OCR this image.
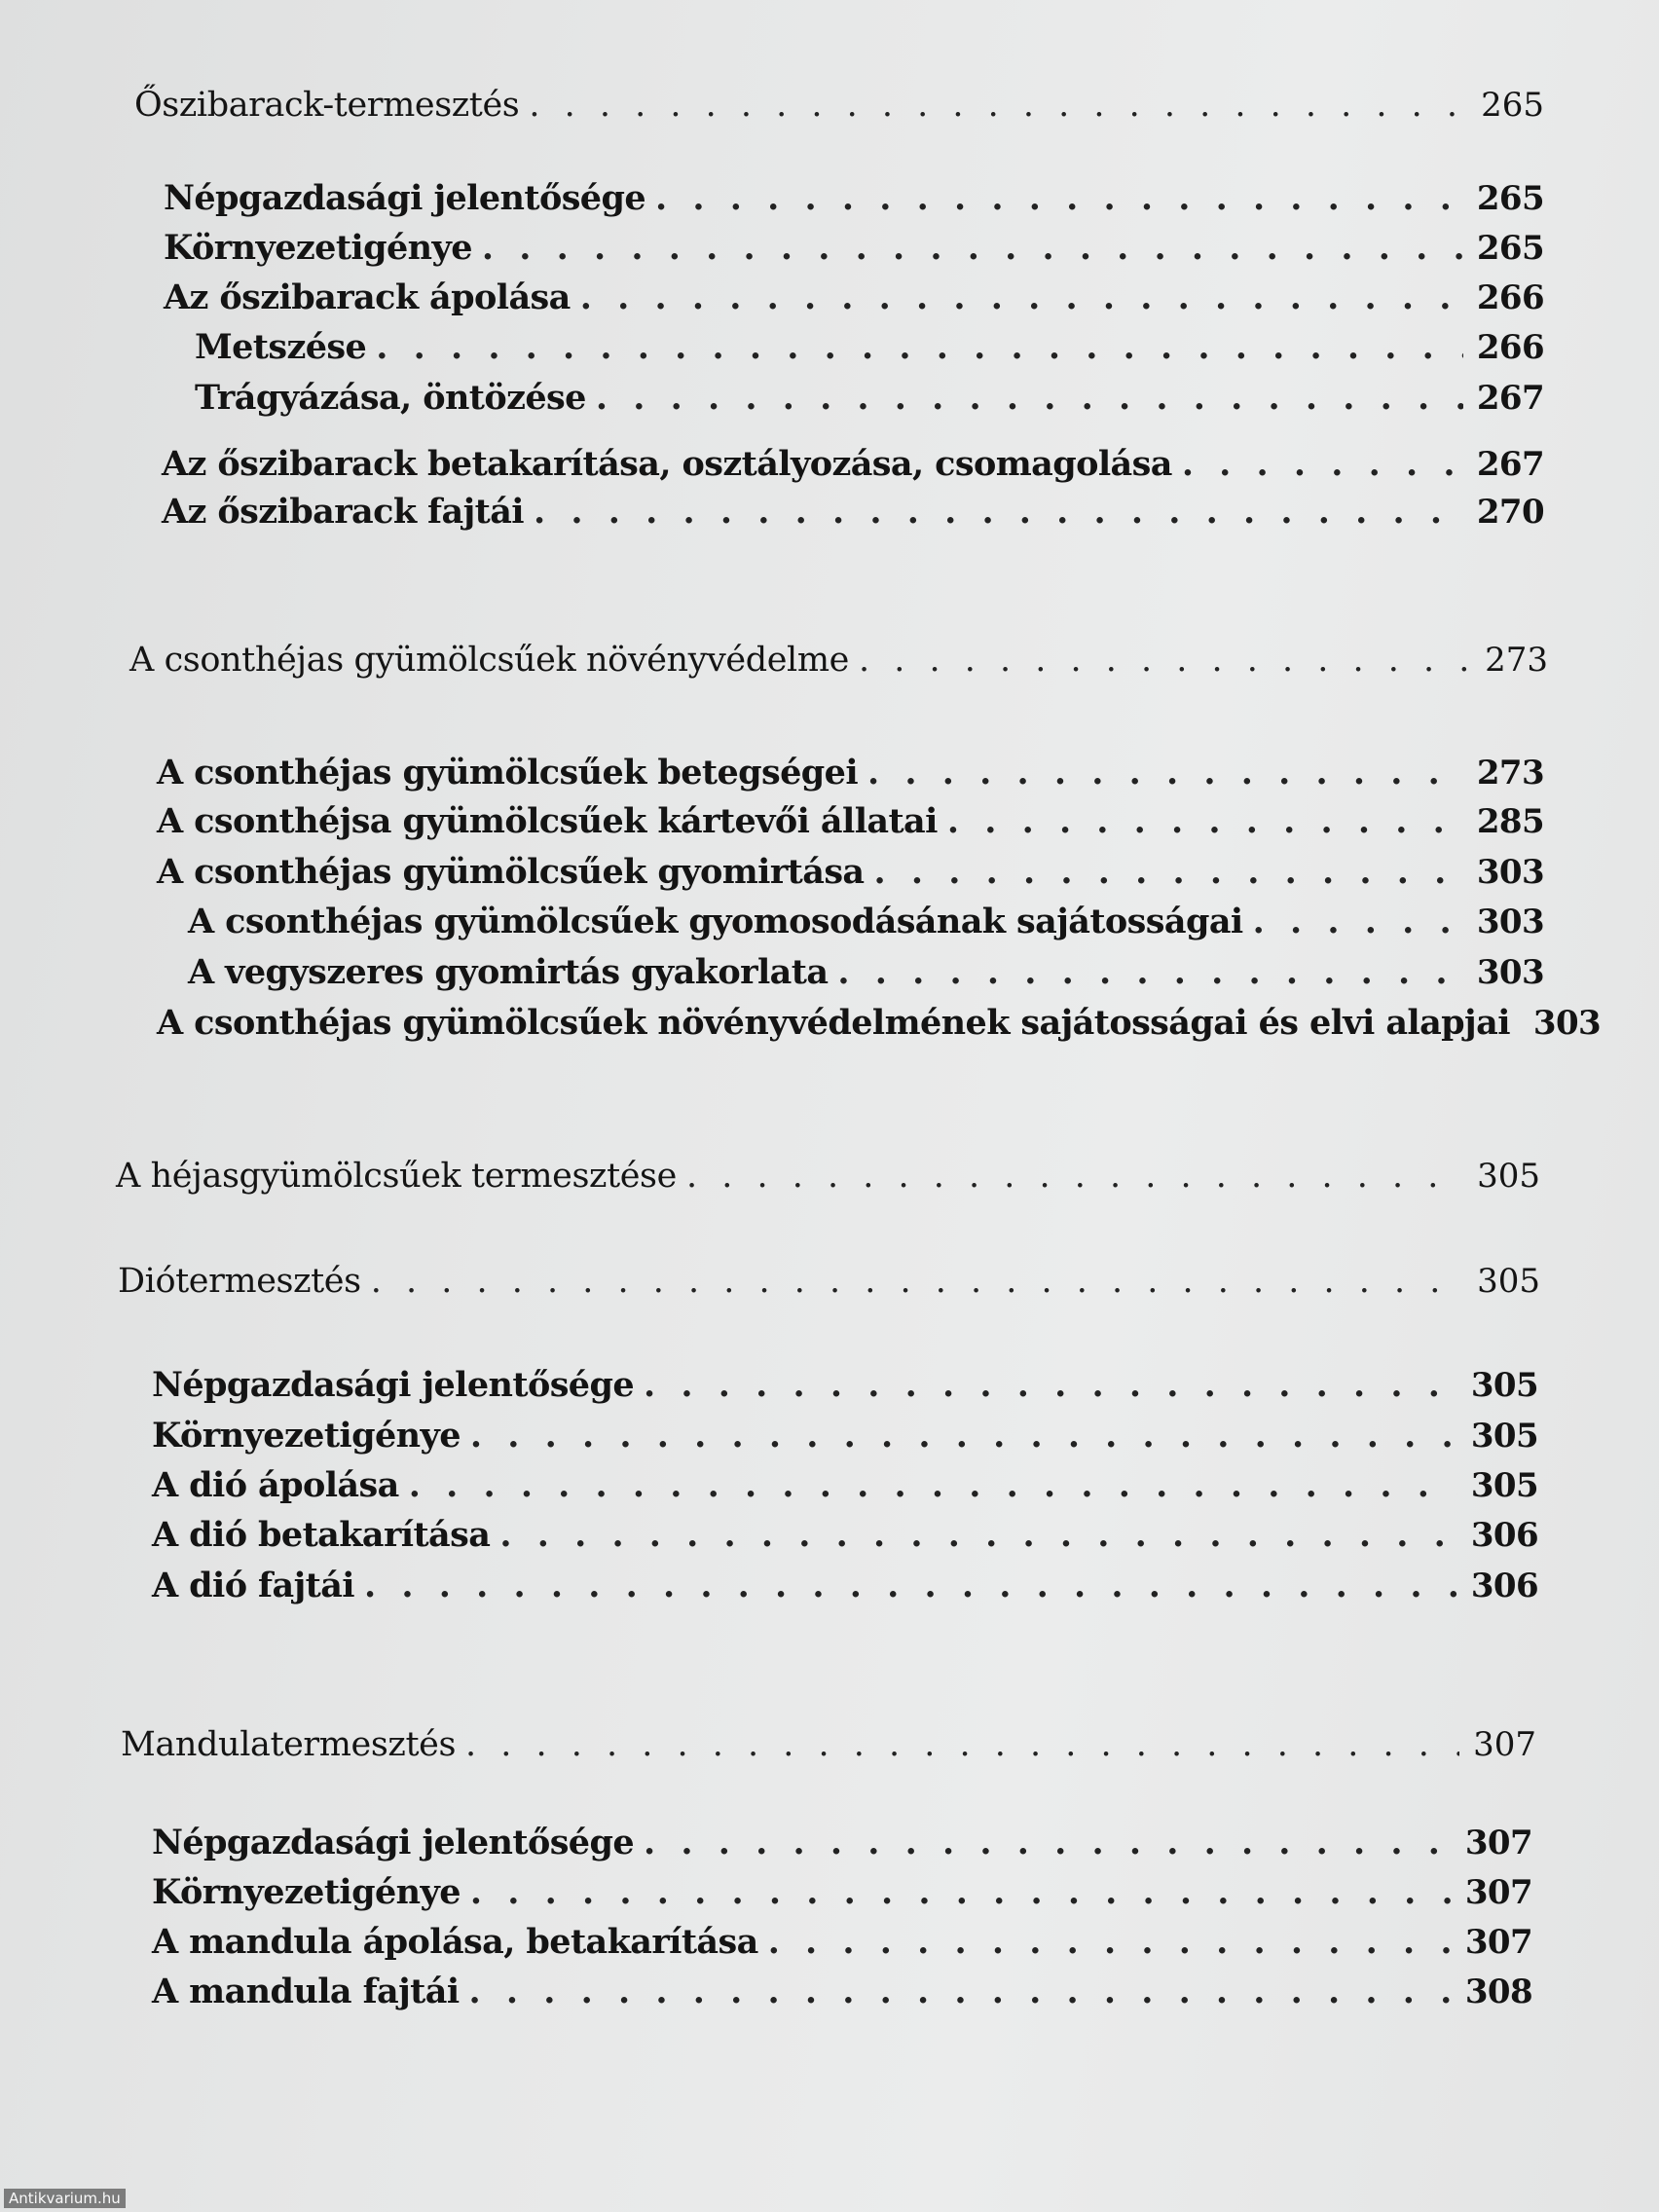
Őszibarack-termesztés . . .	265
Népgazdasági jelentősége . . .	265
Környezetigénye . . .	265
Az őszibarack ápolása . . .	266
Metszése . . .	266
Trágyázása, öntözése . . .	267
Az őszibarack betakarítása, osztályozása, csomagolása . . .	267
Az őszibarack fajtái . . .	270
A csonthéjas gyümölcsűek növényvédelme . . .	273
A csonthéjas gyümölcsűek betegségei . . .	273
A csonthéjsa gyümölcsűek kártevői állatai . . .	285
A csonthéjas gyümölcsűek gyomirtása . . .	303
A csonthéjas gyümölcsűek gyomosodásának sajátosságai . . .	303
A vegyszeres gyomirtás gyakorlata . . .	303
A csonthéjas gyümölcsűek növényvédelmének sajátosságai és elvi alapjai 303
A héjasgyümölcsűek termesztése . . .	305
Diótermesztés . . .	305
Népgazdasági jelentősége . . .	305
Környezetigénye . . .	305
A dió ápolása . . .	305
A dió betakarítása . . .	306
A dió fajtái . . .	306
Mandulatermesztés . . .	307
Népgazdasági jelentősége . . .	307
Környezetigénye . . .	307
A mandula ápolása, betakarítása . . .	307
A mandula fajtái . . .	308
Antikvarium.hu
